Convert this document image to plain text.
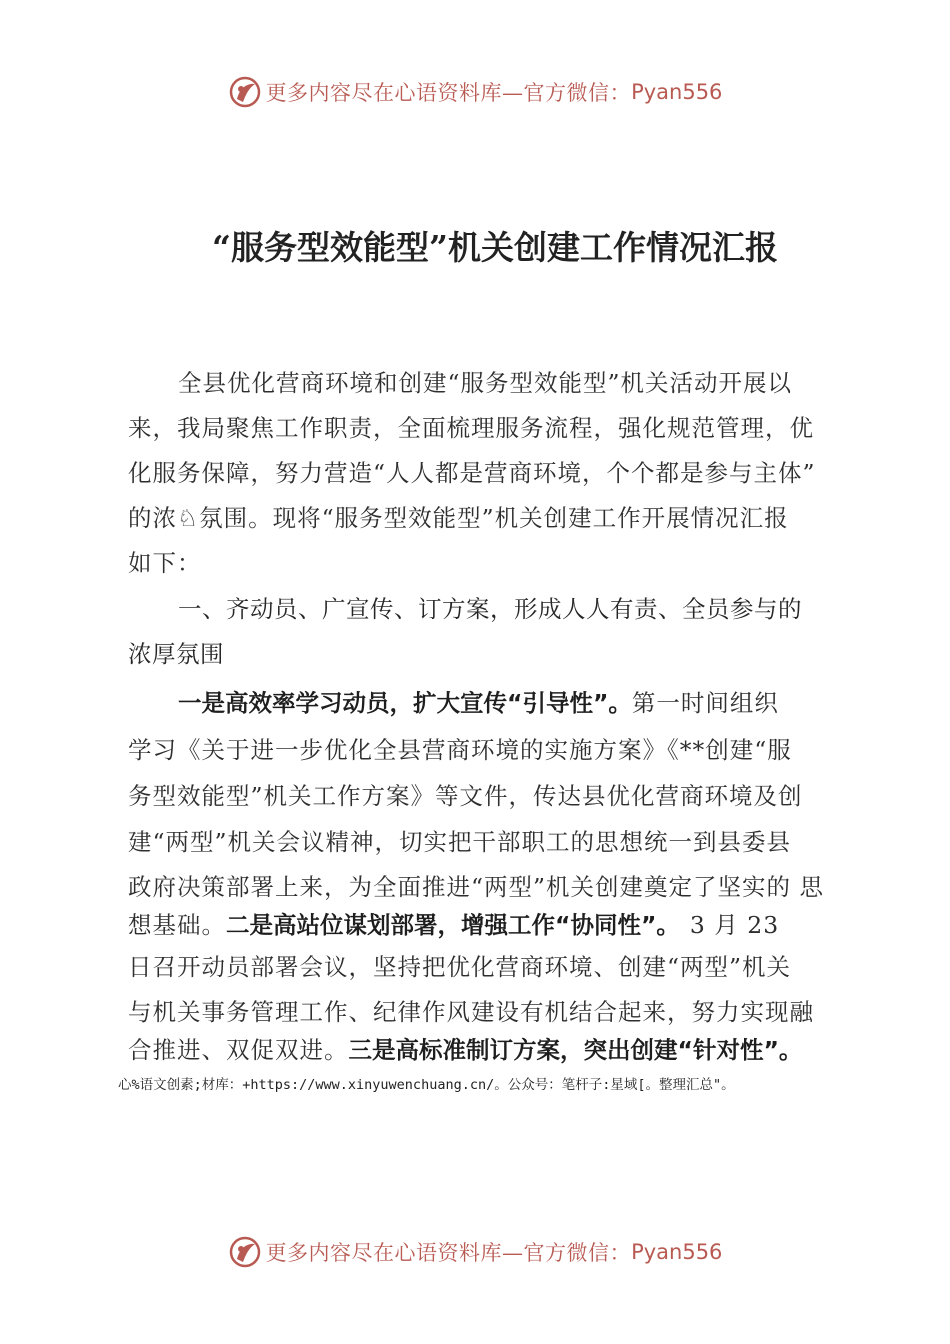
更多内容尽在心语资料库—官方微信： Pyan556
“服务型效能型”机关创建工作情况汇报
全县优化营商环境和创建“服务型效能型”机关活动开展以
来，我局聚焦工作职责，全面梳理服务流程，强化规范管理，优
化服务保障，努力营造“人人都是营商环境，个个都是参与主体”
的浓♘氛围。现将“服务型效能型”机关创建工作开展情况汇报
如下：
一、齐动员、广宣传、订方案，形成人人有责、全员参与的
浓厚氛围
一是高效率学习动员，扩大宣传“引导性”。第一时间组织
学习《关于进一步优化全县营商环境的实施方案》《**创建“服
务型效能型”机关工作方案》等文件，传达县优化营商环境及创
建“两型”机关会议精神，切实把干部职工的思想统一到县委县
政府决策部署上来，为全面推进“两型”机关创建奠定了坚实的 思
想基础。二是高站位谋划部署，增强工作“协同性”。 3 月 23
日召开动员部署会议，坚持把优化营商环境、创建“两型”机关
与机关事务管理工作、纪律作风建设有机结合起来，努力实现融
合推进、双促双进。三是高标准制订方案，突出创建“针对性”。
心%语文创素;材库：+https://www.xinyuwenchuang.cn/。公众号：笔杆子:星域[。整理汇总"。
更多内容尽在心语资料库—官方微信： Pyan556
